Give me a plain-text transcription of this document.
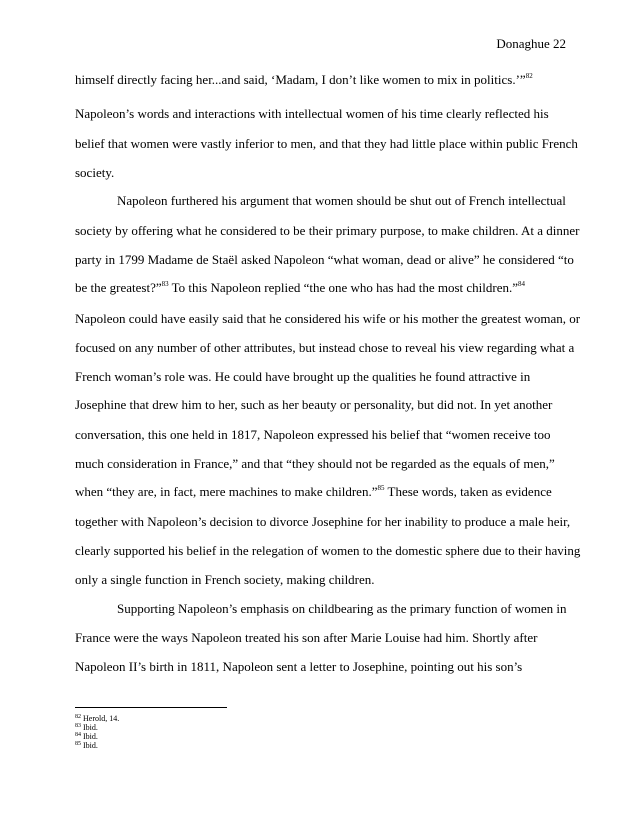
Donaghue 22
himself directly facing her...and said, ‘Madam, I don’t like women to mix in politics.’”$^{82}$
Napoleon’s words and interactions with intellectual women of his time clearly reflected his
belief that women were vastly inferior to men, and that they had little place within public French
society.
Napoleon furthered his argument that women should be shut out of French intellectual
society by offering what he considered to be their primary purpose, to make children. At a dinner
party in 1799 Madame de Staël asked Napoleon “what woman, dead or alive” he considered “to
be the greatest?”$^{83}$ To this Napoleon replied “the one who has had the most children.”$^{84}$
Napoleon could have easily said that he considered his wife or his mother the greatest woman, or
focused on any number of other attributes, but instead chose to reveal his view regarding what a
French woman’s role was. He could have brought up the qualities he found attractive in
Josephine that drew him to her, such as her beauty or personality, but did not. In yet another
conversation, this one held in 1817, Napoleon expressed his belief that “women receive too
much consideration in France,” and that “they should not be regarded as the equals of men,”
when “they are, in fact, mere machines to make children.”$^{85}$ These words, taken as evidence
together with Napoleon’s decision to divorce Josephine for her inability to produce a male heir,
clearly supported his belief in the relegation of women to the domestic sphere due to their having
only a single function in French society, making children.
Supporting Napoleon’s emphasis on childbearing as the primary function of women in
France were the ways Napoleon treated his son after Marie Louise had him. Shortly after
Napoleon II’s birth in 1811, Napoleon sent a letter to Josephine, pointing out his son’s
$^{82}$ Herold, 14.
$^{83}$ Ibid.
$^{84}$ Ibid.
$^{85}$ Ibid.
